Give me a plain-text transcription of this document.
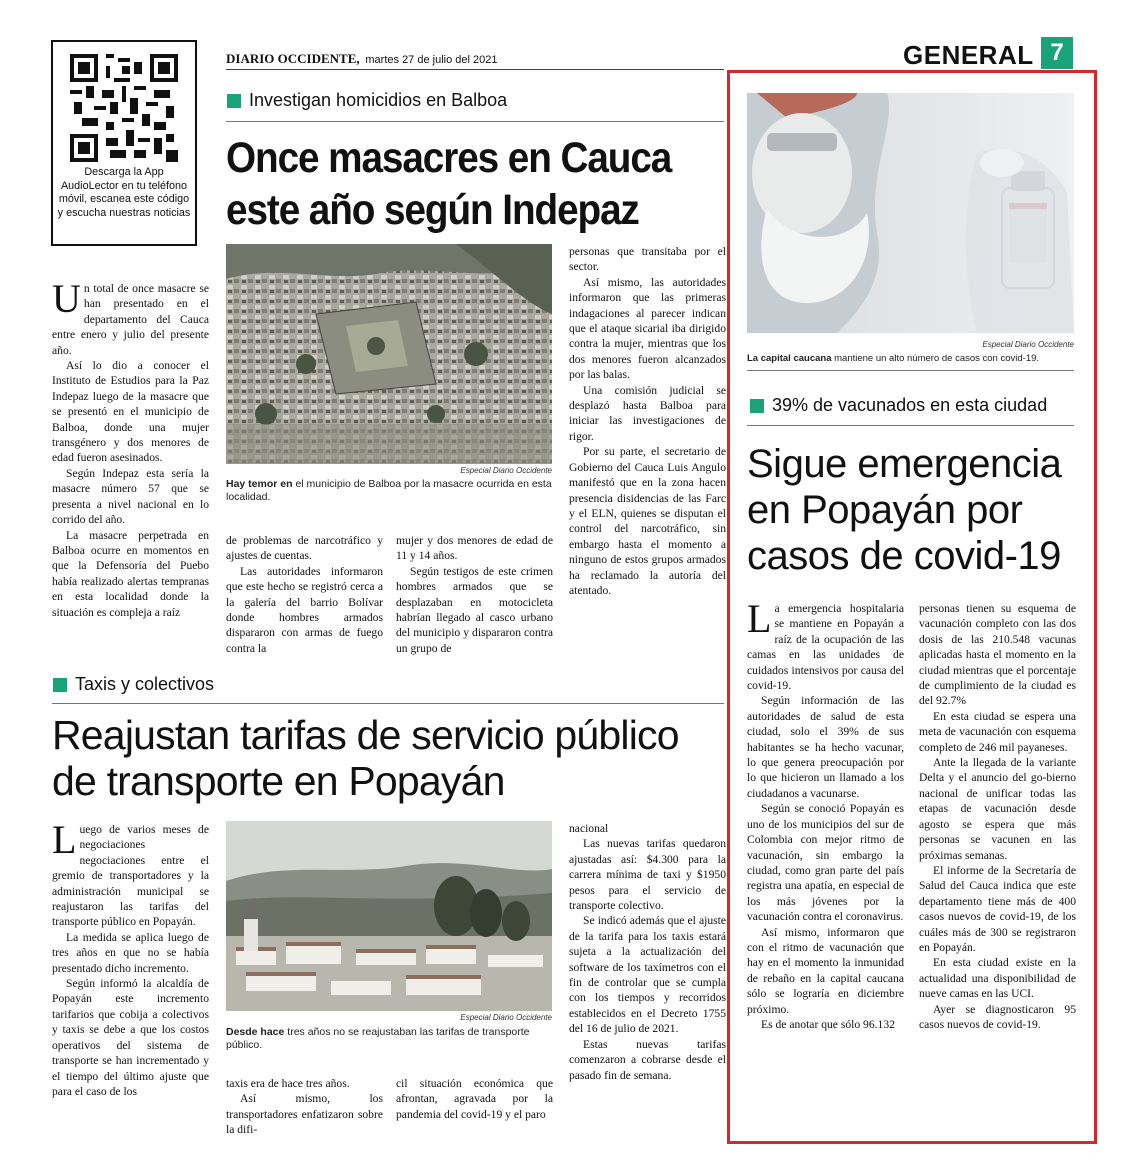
Descarga la App AudioLector en tu teléfono móvil, escanea este código y escucha nuestras noticias
DIARIO OCCIDENTE, martes 27 de julio del 2021	GENERAL 7
Investigan homicidios en Balboa
Once masacres en Cauca
este año según Indepaz
Especial Diario Occidente
Hay temor en el municipio de Balboa por la masacre ocurrida en esta localidad.

Un total de once masacre se han presentado en el departamento del Cauca entre enero y julio del presente año.

Así lo dio a conocer el Instituto de Estudios para la Paz Indepaz luego de la masacre que se presentó en el municipio de Balboa, donde una mujer transgénero y dos menores de edad fueron asesinados.

Según Indepaz esta sería la masacre número 57 que se presenta a nivel nacional en lo corrido del año.

La masacre perpetrada en Balboa ocurre en momentos en que la Defensoría del Puebo había realizado alertas tempranas en esta localidad donde la situación es compleja a raíz

de problemas de narcotráfico y ajustes de cuentas.

Las autoridades informaron que este hecho se registró cerca a la galería del barrio Bolívar donde hombres armados dispararon con armas de fuego contra la

mujer y dos menores de edad de 11 y 14 años.

Según testigos de este crimen hombres armados que se desplazaban en motocicleta habrían llegado al casco urbano del municipio y dispararon contra un grupo de

personas que transitaba por el sector.

Así mismo, las autoridades informaron que las primeras indagaciones al parecer indican que el ataque sicarial iba dirigido contra la mujer, mientras que los dos menores fueron alcanzados por las balas.

Una comisión judicial se desplazó hasta Balboa para iniciar las investigaciones de rigor.

Por su parte, el secretario de Gobierno del Cauca Luis Angulo manifestó que en la zona hacen presencia disidencias de las Farc y el ELN, quienes se disputan el control del narcotráfico, sin embargo hasta el momento a ninguno de estos grupos armados ha reclamado la autoría del atentado.

Taxis y colectivos
Reajustan tarifas de servicio público
de transporte en Popayán
Especial Diario Occidente
Desde hace tres años no se reajustaban las tarifas de transporte público.

Luego de varios meses de negociaciones negociaciones entre el gremio de transportadores y la administración municipal se reajustaron las tarifas del transporte público en Popayán.

La medida se aplica luego de tres años en que no se había presentado dicho incremento.

Según informó la alcaldía de Popayán este incremento tarifarios que cobija a colectivos y taxis se debe a que los costos operativos del sistema de transporte se han incrementado y el tiempo del último ajuste que para el caso de los

taxis era de hace tres años.

Así mismo, los transportadores enfatizaron sobre la difi-

cil situación económica que afrontan, agravada por la pandemia del covid-19 y el paro

nacional

Las nuevas tarifas quedaron ajustadas así: $4.300 para la carrera mínima de taxi y $1950 pesos para el servicio de transporte colectivo.

Se indicó además que el ajuste de la tarifa para los taxis estará sujeta a la actualización del software de los taxímetros con el fin de controlar que se cumpla con los tiempos y recorridos establecidos en el Decreto 1755 del 16 de julio de 2021.

Estas nuevas tarifas comenzaron a cobrarse desde el pasado fin de semana.

Especial Diario Occidente
La capital caucana mantiene un alto número de casos con covid-19.
39% de vacunados en esta ciudad
Sigue emergencia
en Popayán por
casos de covid-19

La emergencia hospitalaria se mantiene en Popayán a raíz de la ocupación de las camas en las unidades de cuidados intensivos por causa del covid-19.

Según información de las autoridades de salud de esta ciudad, solo el 39% de sus habitantes se ha hecho vacunar, lo que genera preocupación por lo que hicieron un llamado a los ciudadanos a vacunarse.

Según se conoció Popayán es uno de los municipios del sur de Colombia con mejor ritmo de vacunación, sin embargo la ciudad, como gran parte del país registra una apatía, en especial de los más jóvenes por la vacunación contra el coronavirus.

Así mismo, informaron que con el ritmo de vacunación que hay en el momento la inmunidad de rebaño en la capital caucana sólo se lograría en diciembre próximo.

Es de anotar que sólo 96.132

personas tienen su esquema de vacunación completo con las dos dosis de las 210.548 vacunas aplicadas hasta el momento en la ciudad mientras que el porcentaje de cumplimiento de la ciudad es del 92.7%

En esta ciudad se espera una meta de vacunación con esquema completo de 246 mil payaneses.

Ante la llegada de la variante Delta y el anuncio del go-bierno nacional de unificar todas las etapas de vacunación desde agosto se espera que más personas se vacunen en las próximas semanas.

El informe de la Secretaría de Salud del Cauca indica que este departamento tiene más de 400 casos nuevos de covid-19, de los cuáles más de 300 se registraron en Popayán.

En esta ciudad existe en la actualidad una disponibilidad de nueve camas en las UCI.

Ayer se diagnosticaron 95 casos nuevos de covid-19.
